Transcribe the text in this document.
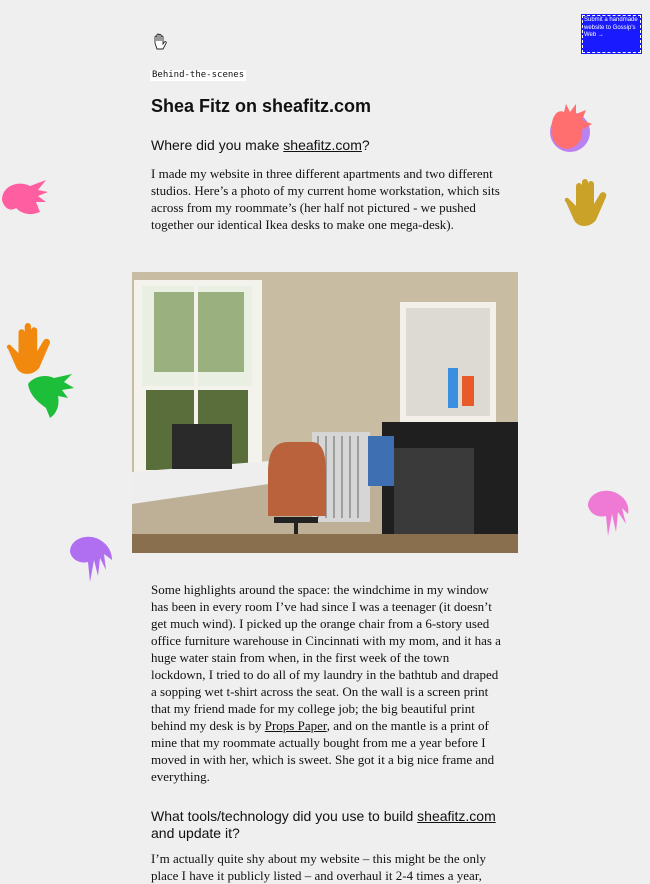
Submit a handmade website to Gossip's Web →
Behind-the-scenes
Shea Fitz on sheafitz.com
Where did you make sheafitz.com?

I made my website in three different apartments and two different studios. Here’s a photo of my current home workstation, which sits across from my roommate’s (her half not pictured - we pushed together our identical Ikea desks to make one mega-desk).

Some highlights around the space: the windchime in my window has been in every room I’ve had since I was a teenager (it doesn’t get much wind). I picked up the orange chair from a 6-story used office furniture warehouse in Cincinnati with my mom, and it has a huge water stain from when, in the first week of the town lockdown, I tried to do all of my laundry in the bathtub and draped a sopping wet t-shirt across the seat. On the wall is a screen print that my friend made for my college job; the big beautiful print behind my desk is by Props Paper, and on the mantle is a print of mine that my roommate actually bought from me a year before I moved in with her, which is sweet. She got it a big nice frame and everything.

What tools/technology did you use to build sheafitz.com and update it?

I’m actually quite shy about my website – this might be the only place I have it publicly listed – and overhaul it 2-4 times a year,
